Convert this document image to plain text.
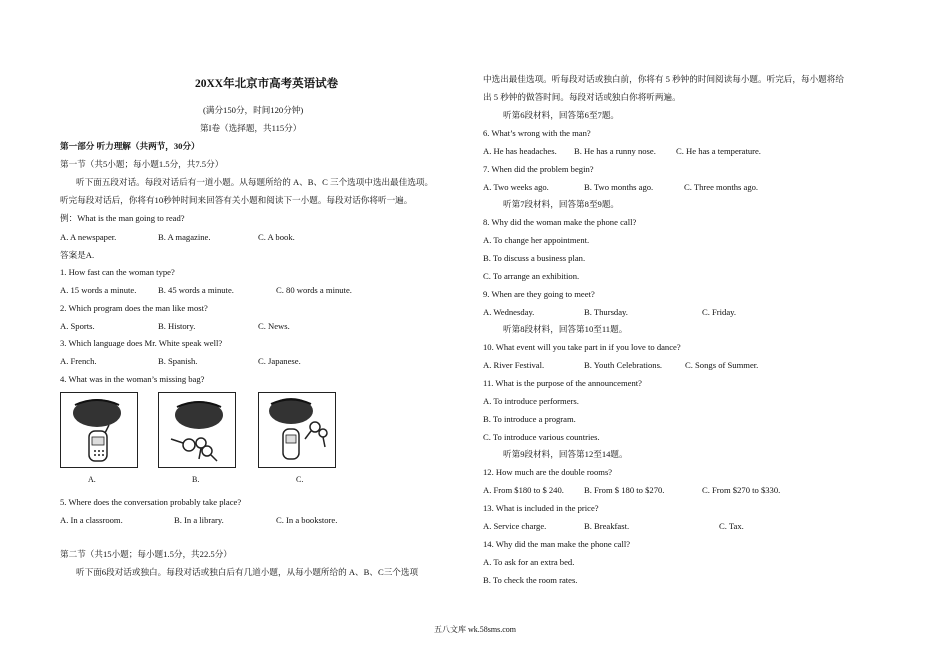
20XX年北京市高考英语试卷
(满分150分，时间120分钟)
第I卷（选择题，共115分）
第一部分 听力理解（共两节，30分）
第一节（共5小题；每小题1.5分，共7.5分）
听下面五段对话。每段对话后有一道小题。从每题所给的 A、B、C 三个选项中选出最佳选项。
听完每段对话后，你将有10秒钟时间来回答有关小题和阅读下一小题。每段对话你将听一遍。
例：What is the man going to read?
A. A newspaper.	B. A magazine.	C. A book.
答案是A.
1. How fast can the woman type?
A. 15 words a minute.	B. 45 words a minute.	C. 80 words a minute.
2. Which program does the man like most?
A. Sports.	B. History.	C. News.
3. Which language does Mr. White speak well?
A. French.	B. Spanish.	C. Japanese.
4. What was in the woman’s missing bag?
A.	B.	C.
5. Where does the conversation probably take place?
A. In a classroom.	B. In a library.	C. In a bookstore.
第二节（共15小题；每小题1.5分，共22.5分）
听下面6段对话或独白。每段对话或独白后有几道小题，从每小题所给的 A、B、C三个选项
中选出最佳选项。听每段对话或独白前，你将有 5 秒钟的时间阅读每小题。听完后，每小题将给
出 5 秒钟的做答时间。每段对话或独白你将听两遍。
听第6段材料，回答第6至7题。
6. What’s wrong with the man?
A. He has headaches. B. He has a runny nose. C. He has a temperature.
7. When did the problem begin?
A. Two weeks ago.	B. Two months ago.	C. Three months ago.
听第7段材料，回答第8至9题。
8. Why did the woman make the phone call?
A. To change her appointment.
B. To discuss a business plan.
C. To arrange an exhibition.
9. When are they going to meet?
A. Wednesday.	B. Thursday.	C. Friday.
听第8段材料，回答第10至11题。
10. What event will you take part in if you love to dance?
A. River Festival.	B. Youth Celebrations.	C. Songs of Summer.
11. What is the purpose of the announcement?
A. To introduce performers.
B. To introduce a program.
C. To introduce various countries.
听第9段材料，回答第12至14题。
12. How much are the double rooms?
A. From $180 to $ 240. B. From $ 180 to $270.	C. From $270 to $330.
13. What is included in the price?
A. Service charge.	B. Breakfast.	C. Tax.
14. Why did the man make the phone call?
A. To ask for an extra bed.
B. To check the room rates.
五八文库 wk.58sms.com
